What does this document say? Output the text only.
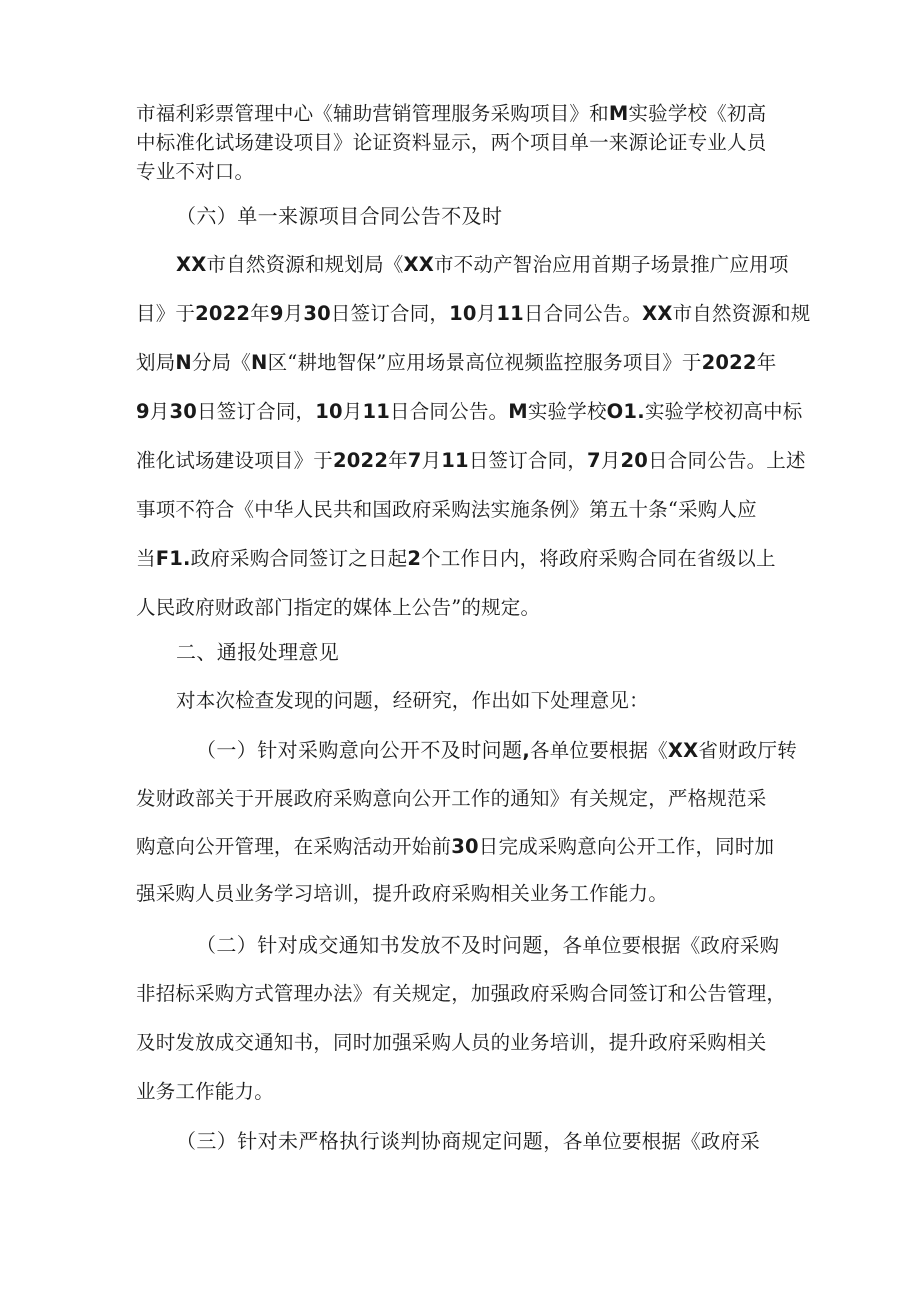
市福利彩票管理中心《辅助营销管理服务采购项目》和M实验学校《初高
中标准化试场建设项目》论证资料显示，两个项目单一来源论证专业人员
专业不对口。
（六）单一来源项目合同公告不及时
XX市自然资源和规划局《XX市不动产智治应用首期子场景推广应用项
目》于2022年9月30日签订合同，10月11日合同公告。XX市自然资源和规
划局N分局《N区“耕地智保”应用场景高位视频监控服务项目》于2022年
9月30日签订合同，10月11日合同公告。M实验学校O1.实验学校初高中标
准化试场建设项目》于2022年7月11日签订合同，7月20日合同公告。上述
事项不符合《中华人民共和国政府采购法实施条例》第五十条“采购人应
当F1.政府采购合同签订之日起2个工作日内，将政府采购合同在省级以上
人民政府财政部门指定的媒体上公告”的规定。
二、通报处理意见
对本次检查发现的问题，经研究，作出如下处理意见：
（一）针对采购意向公开不及时问题,各单位要根据《XX省财政厅转
发财政部关于开展政府采购意向公开工作的通知》有关规定，严格规范采
购意向公开管理，在采购活动开始前30日完成采购意向公开工作，同时加
强采购人员业务学习培训，提升政府采购相关业务工作能力。
（二）针对成交通知书发放不及时问题，各单位要根据《政府采购
非招标采购方式管理办法》有关规定，加强政府采购合同签订和公告管理，
及时发放成交通知书，同时加强采购人员的业务培训，提升政府采购相关
业务工作能力。
（三）针对未严格执行谈判协商规定问题，各单位要根据《政府采
